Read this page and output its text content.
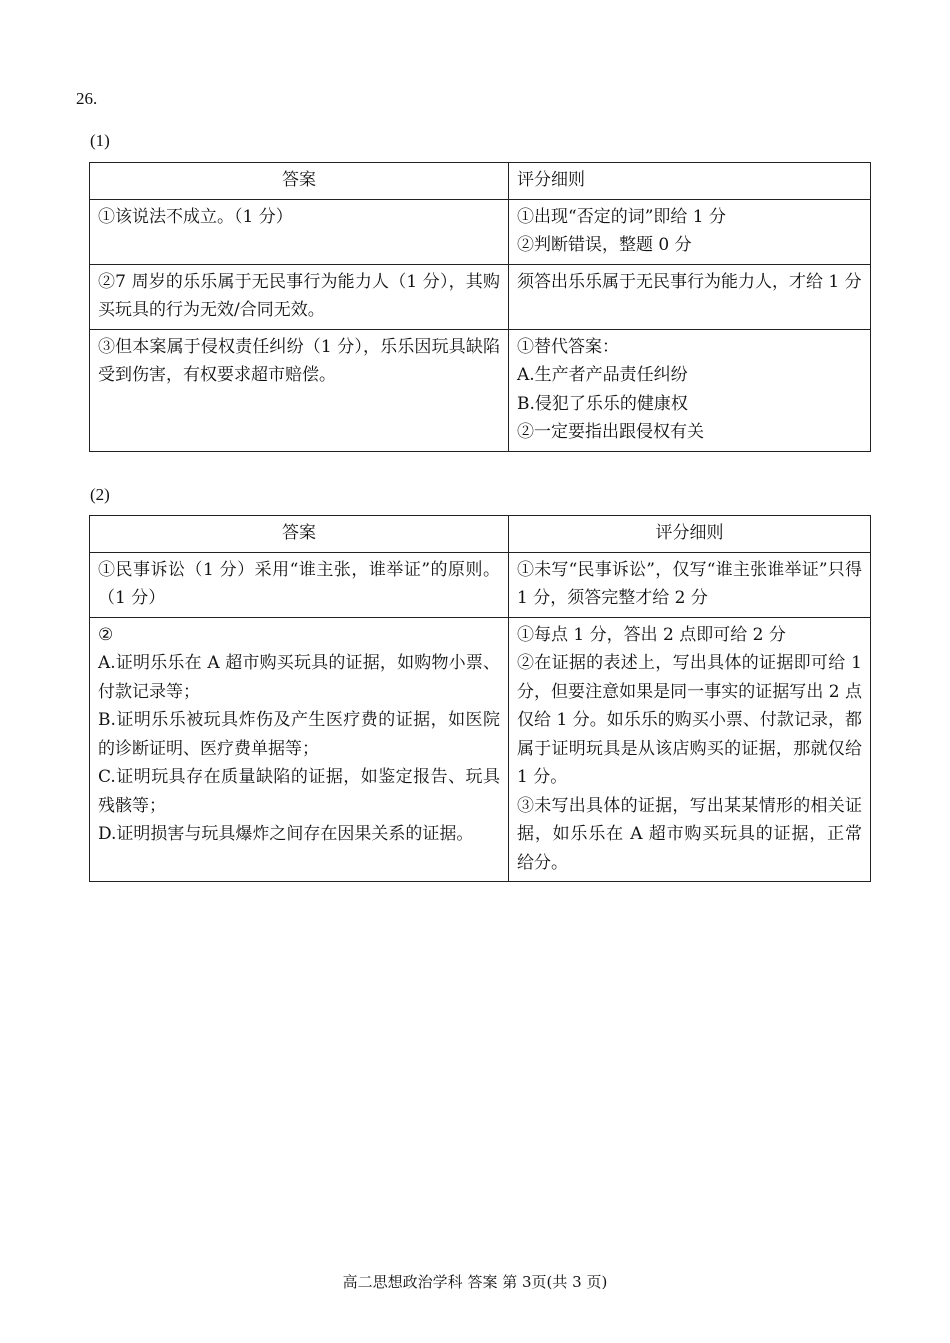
26.
(1)
答案	评分细则

①该说法不成立。（1 分）	①出现“否定的词”即给 1 分
②判断错误，整题 0 分

②7 周岁的乐乐属于无民事行为能力人（1 分），其购买玩具的行为无效/合同无效。	须答出乐乐属于无民事行为能力人，才给 1 分

③但本案属于侵权责任纠纷（1 分），乐乐因玩具缺陷受到伤害，有权要求超市赔偿。	①替代答案：
A.生产者产品责任纠纷
B.侵犯了乐乐的健康权
②一定要指出跟侵权有关
(2)
答案	评分细则

①民事诉讼（1 分）采用“谁主张，谁举证”的原则。（1 分）	①未写“民事诉讼”，仅写“谁主张谁举证”只得 1 分，须答完整才给 2 分

②
A.证明乐乐在 A 超市购买玩具的证据，如购物小票、付款记录等；
B.证明乐乐被玩具炸伤及产生医疗费的证据，如医院的诊断证明、医疗费单据等；
C.证明玩具存在质量缺陷的证据，如鉴定报告、玩具残骸等；
D.证明损害与玩具爆炸之间存在因果关系的证据。	①每点 1 分，答出 2 点即可给 2 分
②在证据的表述上，写出具体的证据即可给 1 分，但要注意如果是同一事实的证据写出 2 点仅给 1 分。如乐乐的购买小票、付款记录，都属于证明玩具是从该店购买的证据，那就仅给 1 分。
③未写出具体的证据，写出某某情形的相关证据，如乐乐在 A 超市购买玩具的证据，正常给分。
高二思想政治学科 答案 第 3页(共 3 页)
